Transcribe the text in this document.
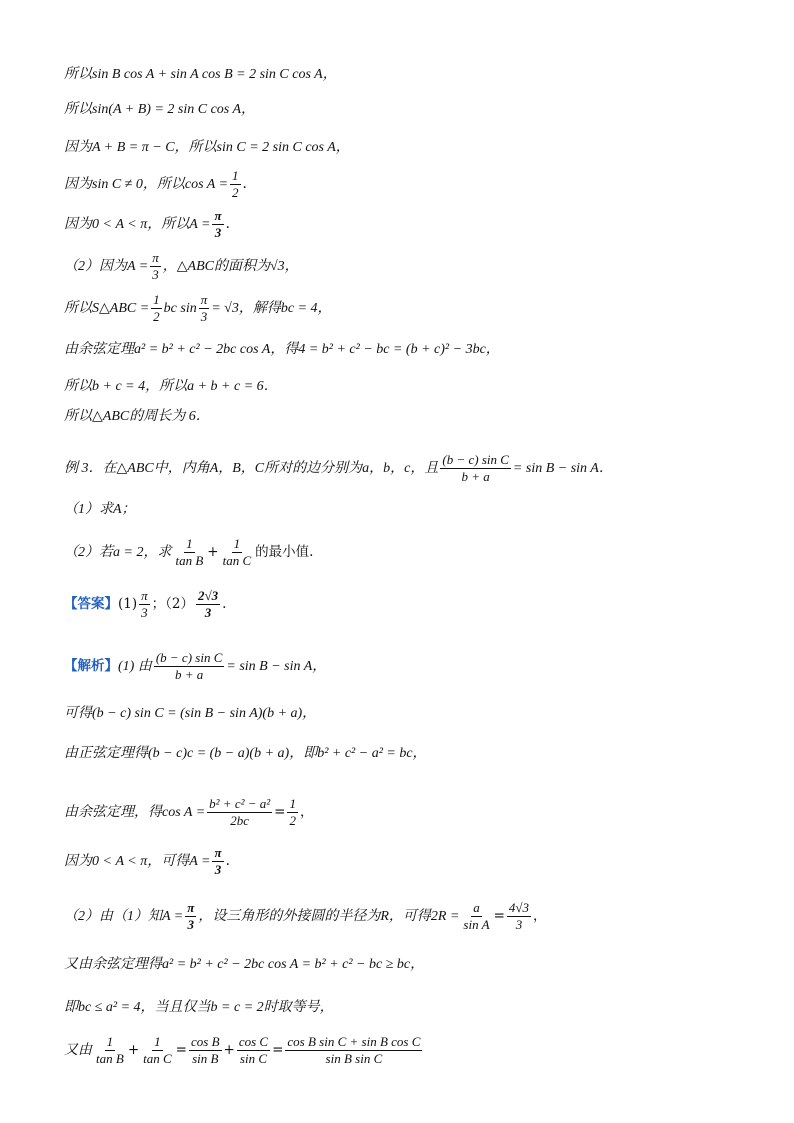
所以sin B cos A + sin A cos B = 2 sin C cos A，
所以sin(A + B) = 2 sin C cos A，
因为A + B = π − C，所以sin C = 2 sin C cos A，
因为sin C ≠ 0，所以$\cos A = \frac{1}{2}$ .
因为0 < A < π，所以$A = \frac{\pi}{3}$ .
（2）因为$A = \frac{\pi}{3}$ ，△ABC的面积为√3，
所以S△ABC = $\frac{1}{2}$ bc $\sin \frac{\pi}{3} = √3$，解得bc = 4，
由余弦定理a² = b² + c² − 2bc cos A，得4 = b² + c² − bc = (b + c)² − 3bc，
所以b + c = 4，所以a + b + c = 6．
所以△ABC的周长为 6．
例 3．在△ABC中，内角A，B，C所对的边分别为a，b，c，且 $\frac{\text{(b − c) sin C}}{b + a} = \sin B - \sin A$．
（1）求A；
（2）若a = 2，求 $\frac{1}{\text{tan B}} + \frac{1}{\text{tan C}}$ 的最小值.
【答案】$(1) \frac{\pi}{3}$ ；$(2) \frac{2√3}{3}$ .
【解析】(1) 由 $\frac{\text{(b − c) sin C}}{b + a} = \sin B - \sin A$，
可得(b − c) sin C = (sin B − sin A)(b + a)，
由正弦定理得(b − c)c = (b − a)(b + a)，即b² + c² − a² = bc，
由余弦定理，得$\cos A = \frac{\text{b² + c² − a²}}{2bc} = \frac{1}{2}$ ，
因为0 < A < π，可得$A = \frac{\pi}{3}$ .
（2）由（1）知$A = \frac{\pi}{3}$ ，设三角形的外接圆的半径为R，可得$2R = \frac{a}{\text{sin A}} = \frac{4√3}{3}$ ，
又由余弦定理得a² = b² + c² − 2bc cos A = b² + c² − bc ≥ bc，
即bc ≤ a² = 4，当且仅当b = c = 2时取等号，
又由 $\frac{1}{\text{tan B}} + \frac{1}{\text{tan C}} = \frac{\text{cos B}}{\text{sin B}} + \frac{\text{cos C}}{\text{sin C}} = \frac{\text{cos B sin C + sin B cos C}}{\text{sin B sin C}}$
